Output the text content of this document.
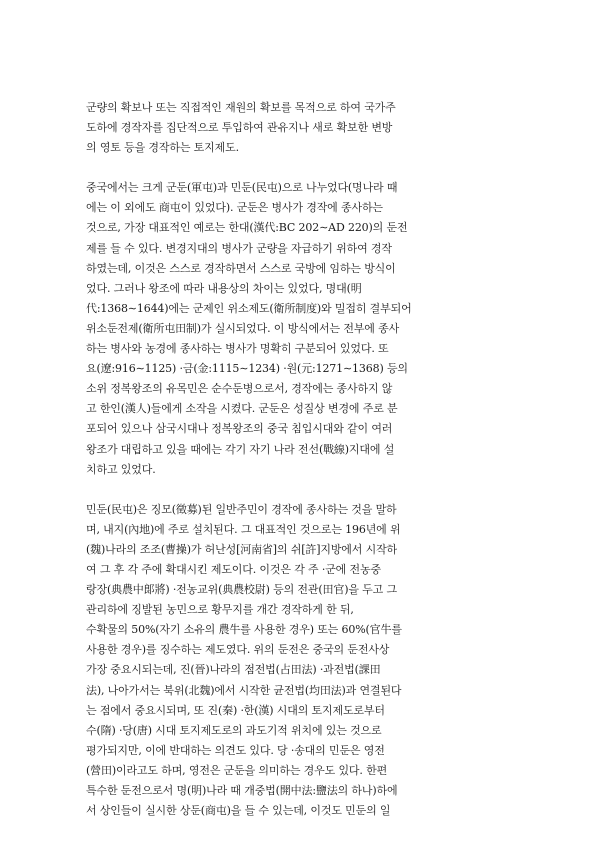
군량의 확보나 또는 직접적인 재원의 확보를 목적으로 하여 국가주
도하에 경작자를 집단적으로 투입하여 관유지나 새로 확보한 변방
의 영토 등을 경작하는 토지제도.
중국에서는 크게 군둔(軍屯)과 민둔(民屯)으로 나누었다(명나라 때
에는 이 외에도 商屯이 있었다). 군둔은 병사가 경작에 종사하는
것으로, 가장 대표적인 예로는 한대(漢代:BC 202∼AD 220)의 둔전
제를 들 수 있다. 변경지대의 병사가 군량을 자급하기 위하여 경작
하였는데, 이것은 스스로 경작하면서 스스로 국방에 임하는 방식이
었다. 그러나 왕조에 따라 내용상의 차이는 있었다, 명대(明
代:1368∼1644)에는 군제인 위소제도(衛所制度)와 밀접히 결부되어
위소둔전제(衛所屯田制)가 실시되었다. 이 방식에서는 전부에 종사
하는 병사와 농경에 종사하는 병사가 명확히 구분되어 있었다. 또
요(遼:916∼1125) ·금(金:1115∼1234) ·원(元:1271∼1368) 등의
소위 정복왕조의 유목민은 순수둔병으로서, 경작에는 종사하지 않
고 한인(漢人)들에게 소작을 시켰다. 군둔은 성질상 변경에 주로 분
포되어 있으나 삼국시대나 정복왕조의 중국 침입시대와 같이 여러
왕조가 대립하고 있을 때에는 각기 자기 나라 전선(戰線)지대에 설
치하고 있었다.
민둔(民屯)은 징모(徵募)된 일반주민이 경작에 종사하는 것을 말하
며, 내지(內地)에 주로 설치된다. 그 대표적인 것으로는 196년에 위
(魏)나라의 조조(曹操)가 허난성[河南省]의 쉬[許]지방에서 시작하
여 그 후 각 주에 확대시킨 제도이다. 이것은 각 주 ·군에 전농중
랑장(典農中郞將) ·전농교위(典農校尉) 등의 전관(田官)을 두고 그
관리하에 징발된 농민으로 황무지를 개간 경작하게 한 뒤,
수확물의 50%(자기 소유의 農牛를 사용한 경우) 또는 60%(官牛를
사용한 경우)를 징수하는 제도였다. 위의 둔전은 중국의 둔전사상
가장 중요시되는데, 진(晉)나라의 점전법(占田法) ·과전법(課田
法), 나아가서는 북위(北魏)에서 시작한 균전법(均田法)과 연결된다
는 점에서 중요시되며, 또 진(秦) ·한(漢) 시대의 토지제도로부터
수(隋) ·당(唐) 시대 토지제도로의 과도기적 위치에 있는 것으로
평가되지만, 이에 반대하는 의견도 있다. 당 ·송대의 민둔은 영전
(營田)이라고도 하며, 영전은 군둔을 의미하는 경우도 있다. 한편
특수한 둔전으로서 명(明)나라 때 개중법(開中法:鹽法의 하나)하에
서 상인들이 실시한 상둔(商屯)을 들 수 있는데, 이것도 민둔의 일
